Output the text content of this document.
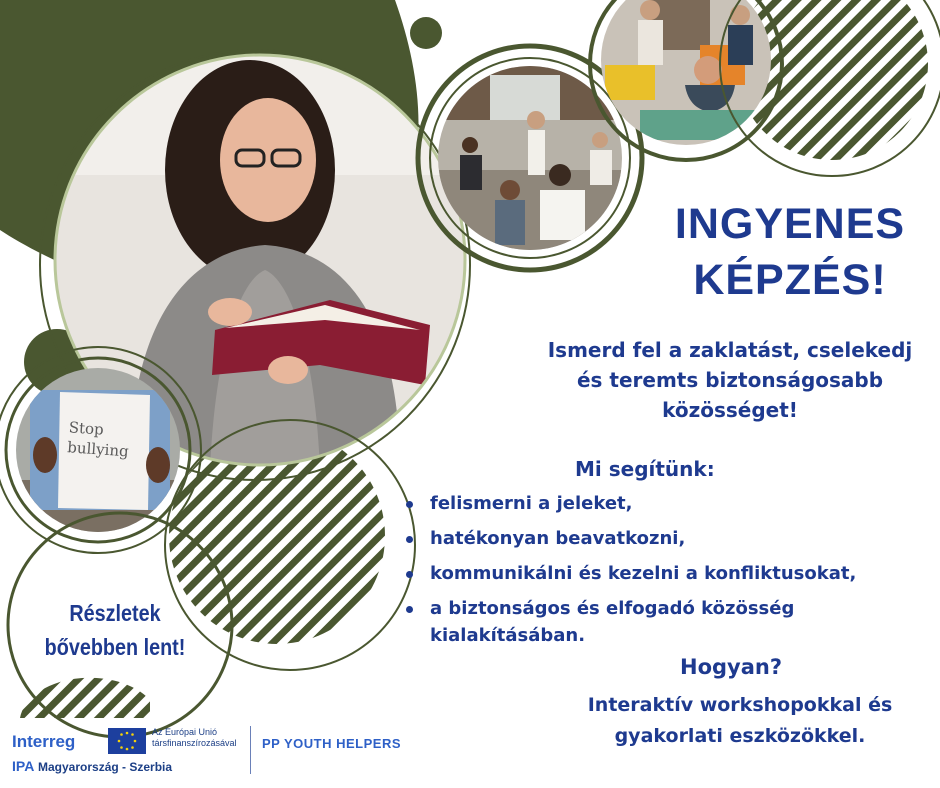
Stop
bullying
INGYENES
KÉPZÉS!
Ismerd fel a zaklatást, cselekedj
és teremts biztonságosabb
közösséget!
Mi segítünk:
felismerni a jeleket,
hatékonyan beavatkozni,
kommunikálni és kezelni a konfliktusokat,
a biztonságos és elfogadó közösség kialakításában.
Hogyan?
Interaktív workshopokkal és
gyakorlati eszközökkel.
Részletek
bővebben lent!
Interreg
IPA Magyarország - Szerbia
Az Európai Unió
társfinanszírozásával PP YOUTH HELPERS
